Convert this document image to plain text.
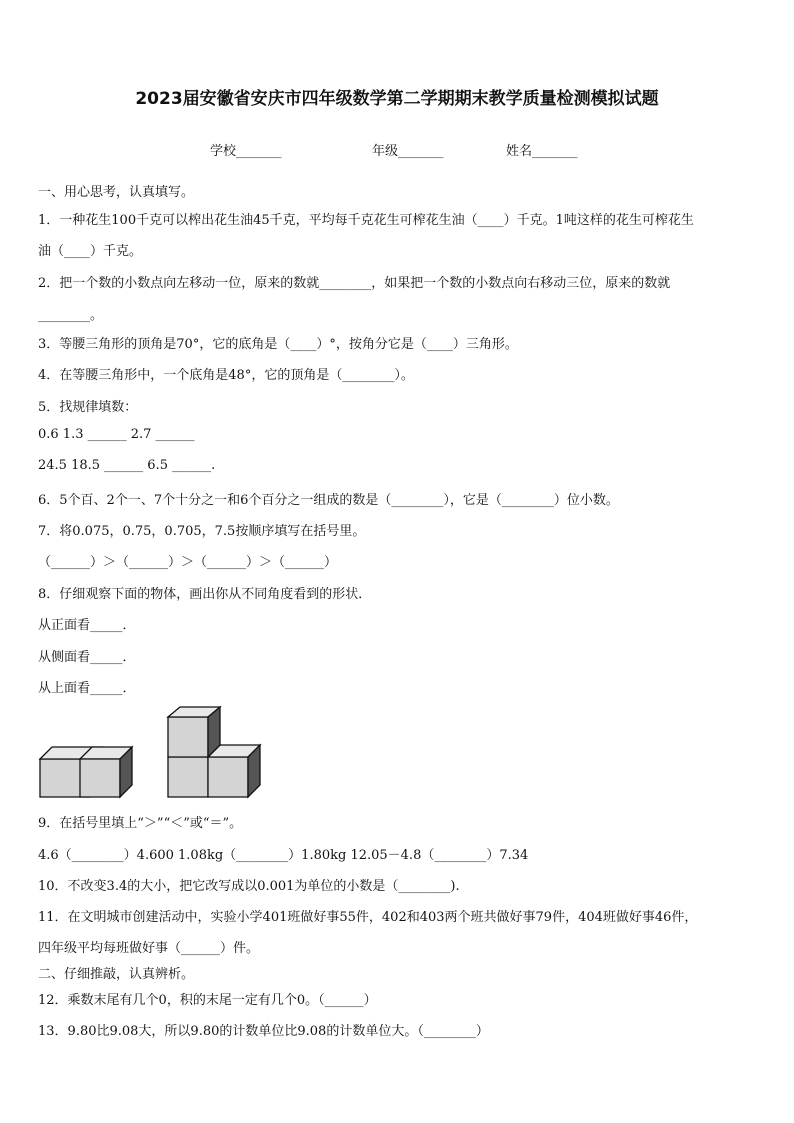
2023届安徽省安庆市四年级数学第二学期期末教学质量检测模拟试题
学校_______	年级_______	姓名_______
一、用心思考，认真填写。
1．一种花生100千克可以榨出花生油45千克，平均每千克花生可榨花生油（____）千克。1吨这样的花生可榨花生
油（____）千克。
2．把一个数的小数点向左移动一位，原来的数就________，如果把一个数的小数点向右移动三位，原来的数就
________。
3．等腰三角形的顶角是70°，它的底角是（____）°，按角分它是（____）三角形。
4．在等腰三角形中，一个底角是48°，它的顶角是（________）。
5．找规律填数：
0.6 1.3 ______ 2.7 ______
24.5 18.5 ______ 6.5 ______.
6．5个百、2个一、7个十分之一和6个百分之一组成的数是（________），它是（________）位小数。
7．将0.075，0.75，0.705，7.5按顺序填写在括号里。
（______）＞（______）＞（______）＞（______）
8．仔细观察下面的物体，画出你从不同角度看到的形状．
从正面看_____．
从侧面看_____．
从上面看_____．
9．在括号里填上“＞”“＜”或“＝”。
4.6（________）4.600 1.08kg（________）1.80kg 12.05－4.8（________）7.34
10．不改变3.4的大小，把它改写成以0.001为单位的小数是（________).
11．在文明城市创建活动中，实验小学401班做好事55件，402和403两个班共做好事79件，404班做好事46件，
四年级平均每班做好事（______）件。
二、仔细推敲，认真辨析。
12．乘数末尾有几个0，积的末尾一定有几个0。（______）
13．9.80比9.08大，所以9.80的计数单位比9.08的计数单位大。（________）
